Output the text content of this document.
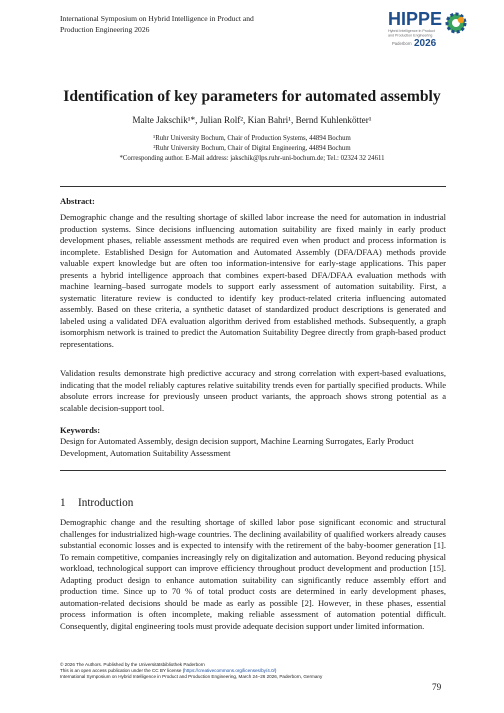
International Symposium on Hybrid Intelligence in Product and
Production Engineering 2026	HIPPE
Hybrid Intelligence in Product
and Production Engineering
Paderborn 2026
Identification of key parameters for automated assembly
Malte Jakschik¹*, Julian Rolf², Kian Bahri¹, Bernd Kuhlenkötter¹
¹Ruhr University Bochum, Chair of Production Systems, 44894 Bochum
²Ruhr University Bochum, Chair of Digital Engineering, 44894 Bochum
*Corresponding author. E-Mail address: jakschik@lps.ruhr-uni-bochum.de; Tel.: 02324 32 24611
Abstract:
Demographic change and the resulting shortage of skilled labor increase the need for automation in industrial production systems. Since decisions influencing automation suitability are fixed mainly in early product development phases, reliable assessment methods are required even when product and process information is incomplete. Established Design for Automation and Automated Assembly (DFA/DFAA) methods provide valuable expert knowledge but are often too information-intensive for early-stage applications. This paper presents a hybrid intelligence approach that combines expert-based DFA/DFAA evaluation methods with machine learning–based surrogate models to support early assessment of automation suitability. First, a systematic literature review is conducted to identify key product-related criteria influencing automated assembly. Based on these criteria, a synthetic dataset of standardized product descriptions is generated and labeled using a validated DFA evaluation algorithm derived from established methods. Subsequently, a graph isomorphism network is trained to predict the Automation Suitability Degree directly from graph-based product representations.
Validation results demonstrate high predictive accuracy and strong correlation with expert-based evaluations, indicating that the model reliably captures relative suitability trends even for partially specified products. While absolute errors increase for previously unseen product variants, the approach shows strong potential as a scalable decision-support tool.
Keywords:
Design for Automated Assembly, design decision support, Machine Learning Surrogates, Early Product Development, Automation Suitability Assessment
1 Introduction
Demographic change and the resulting shortage of skilled labor pose significant economic and structural challenges for industrialized high-wage countries. The declining availability of qualified workers already causes substantial economic losses and is expected to intensify with the retirement of the baby-boomer generation [1]. To remain competitive, companies increasingly rely on digitalization and automation. Beyond reducing physical workload, technological support can improve efficiency throughout product development and production [15]. Adapting product design to enhance automation suitability can significantly reduce assembly effort and production time. Since up to 70 % of total product costs are determined in early development phases, automation-related decisions should be made as early as possible [2]. However, in these phases, essential process information is often incomplete, making reliable assessment of automation potential difficult. Consequently, digital engineering tools must provide adequate decision support under limited information.
© 2026 The Authors. Published by the Universitätsbibliothek Paderborn
This is an open access publication under the CC BY license (https://creativecommons.org/licenses/by/4.0/)
International Symposium on Hybrid Intelligence in Product and Production Engineering, March 24–26 2026, Paderborn, Germany
79
